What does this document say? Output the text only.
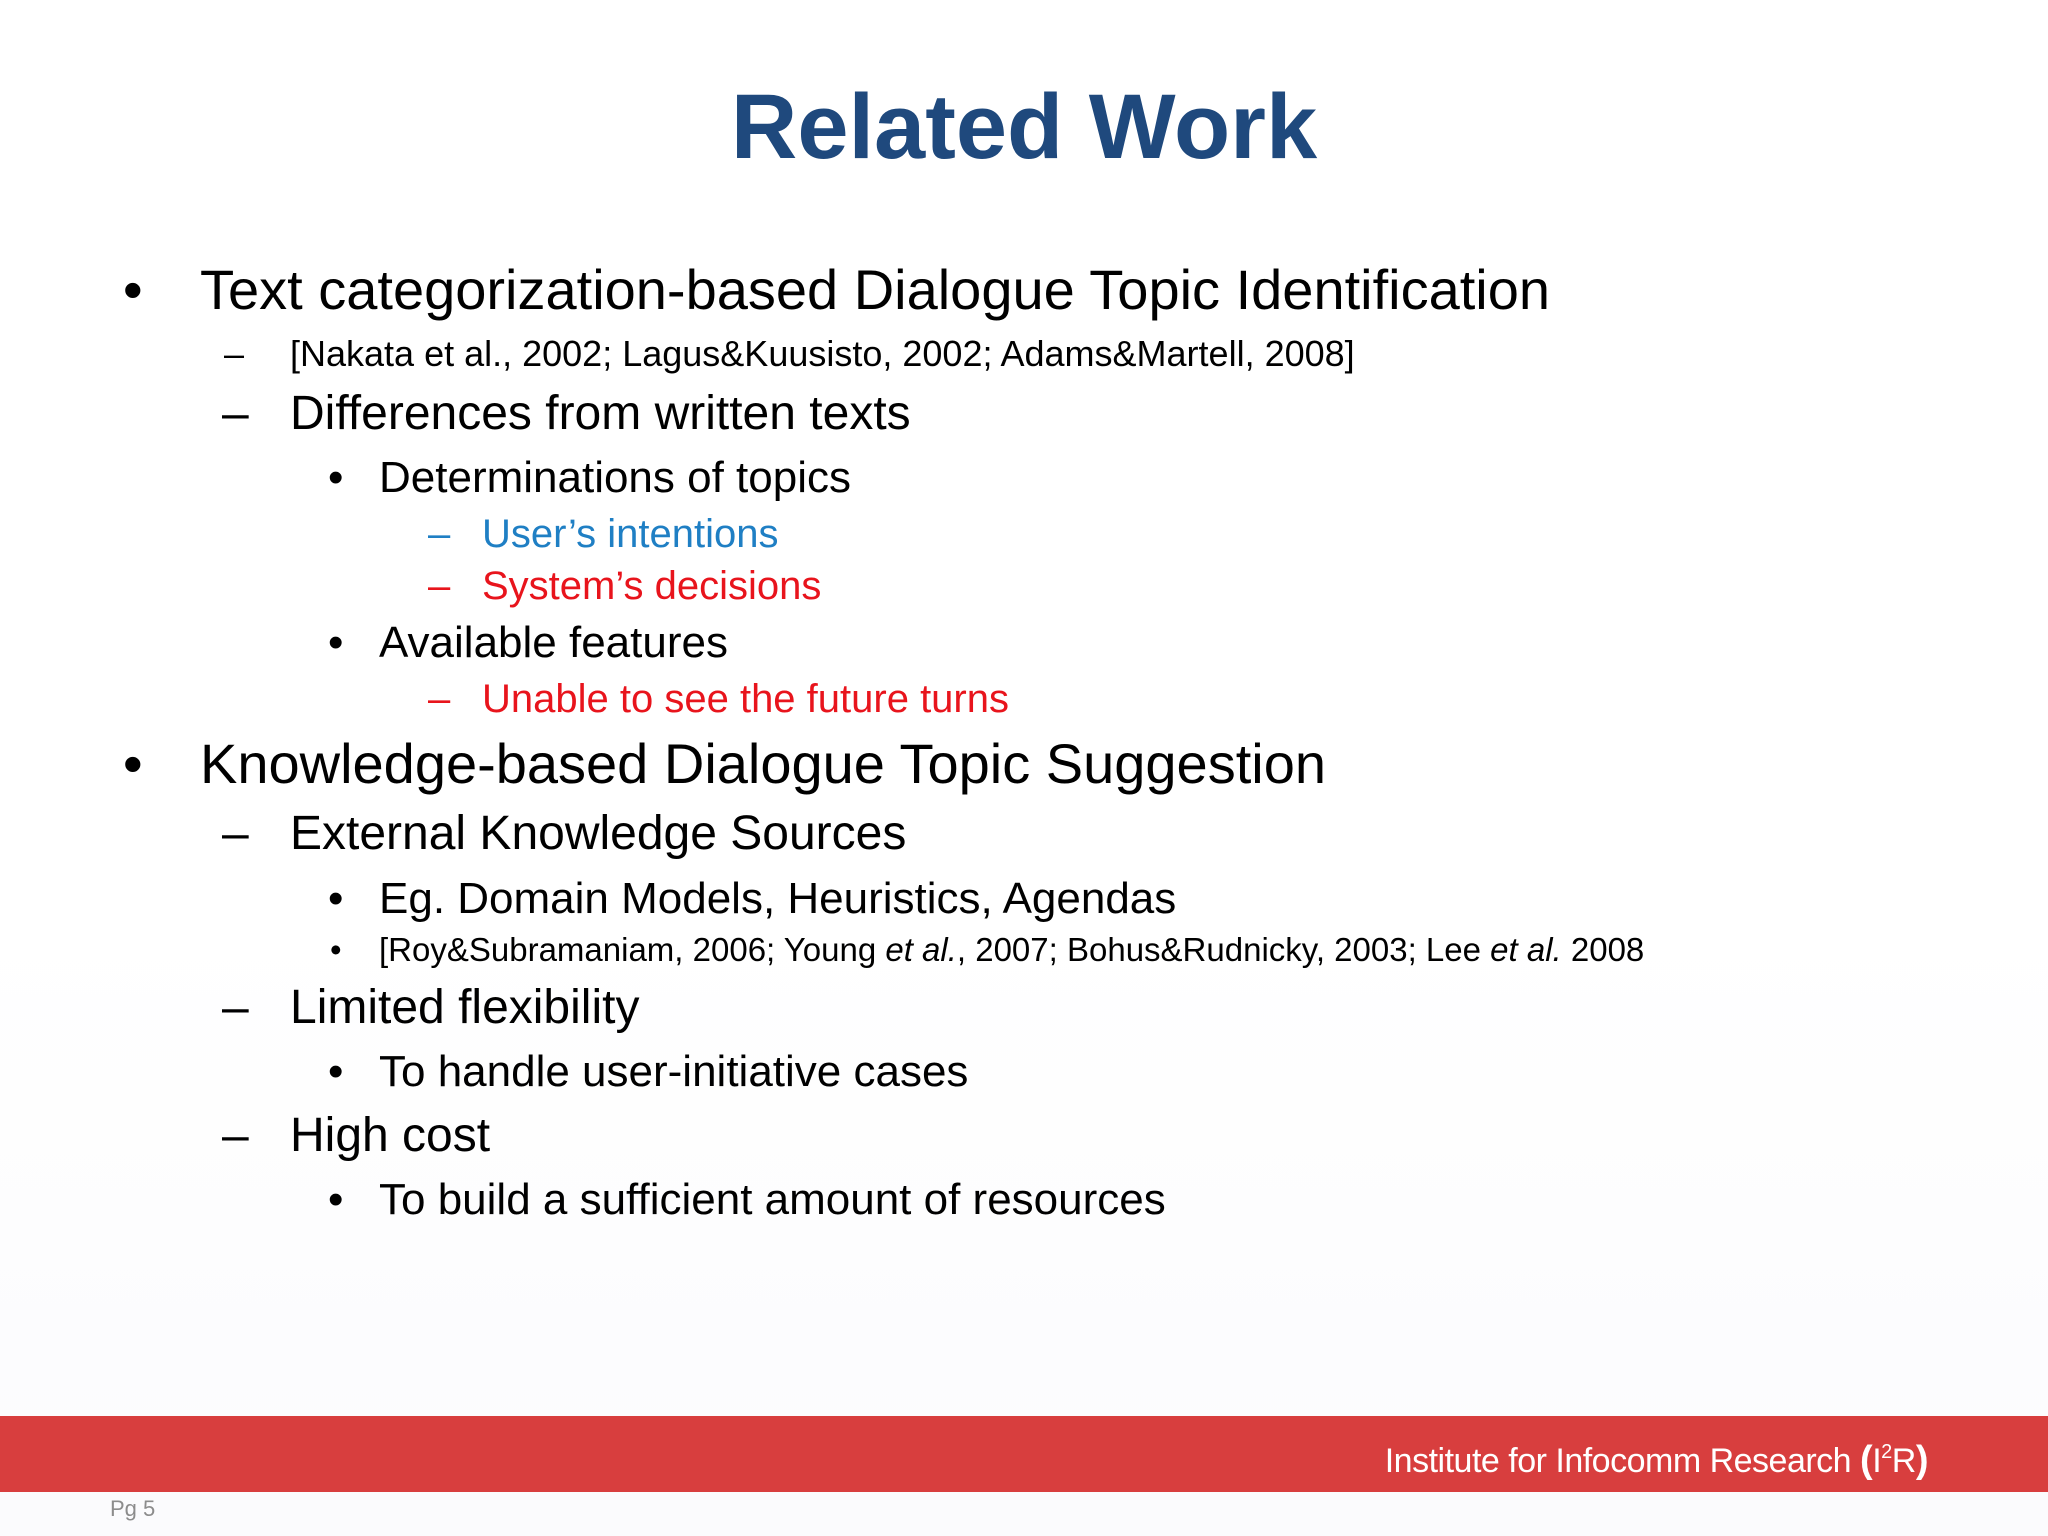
Related Work
• Text categorization-based Dialogue Topic Identification
– [Nakata et al., 2002; Lagus&Kuusisto, 2002; Adams&Martell, 2008]
– Differences from written texts
• Determinations of topics
– User’s intentions
– System’s decisions
• Available features
– Unable to see the future turns
• Knowledge-based Dialogue Topic Suggestion
– External Knowledge Sources
• Eg. Domain Models, Heuristics, Agendas
• [Roy&Subramaniam, 2006; Young et al., 2007; Bohus&Rudnicky, 2003; Lee et al. 2008
– Limited flexibility
• To handle user-initiative cases
– High cost
• To build a sufficient amount of resources
Institute for Infocomm Research $(I^2R)$
Pg 5
